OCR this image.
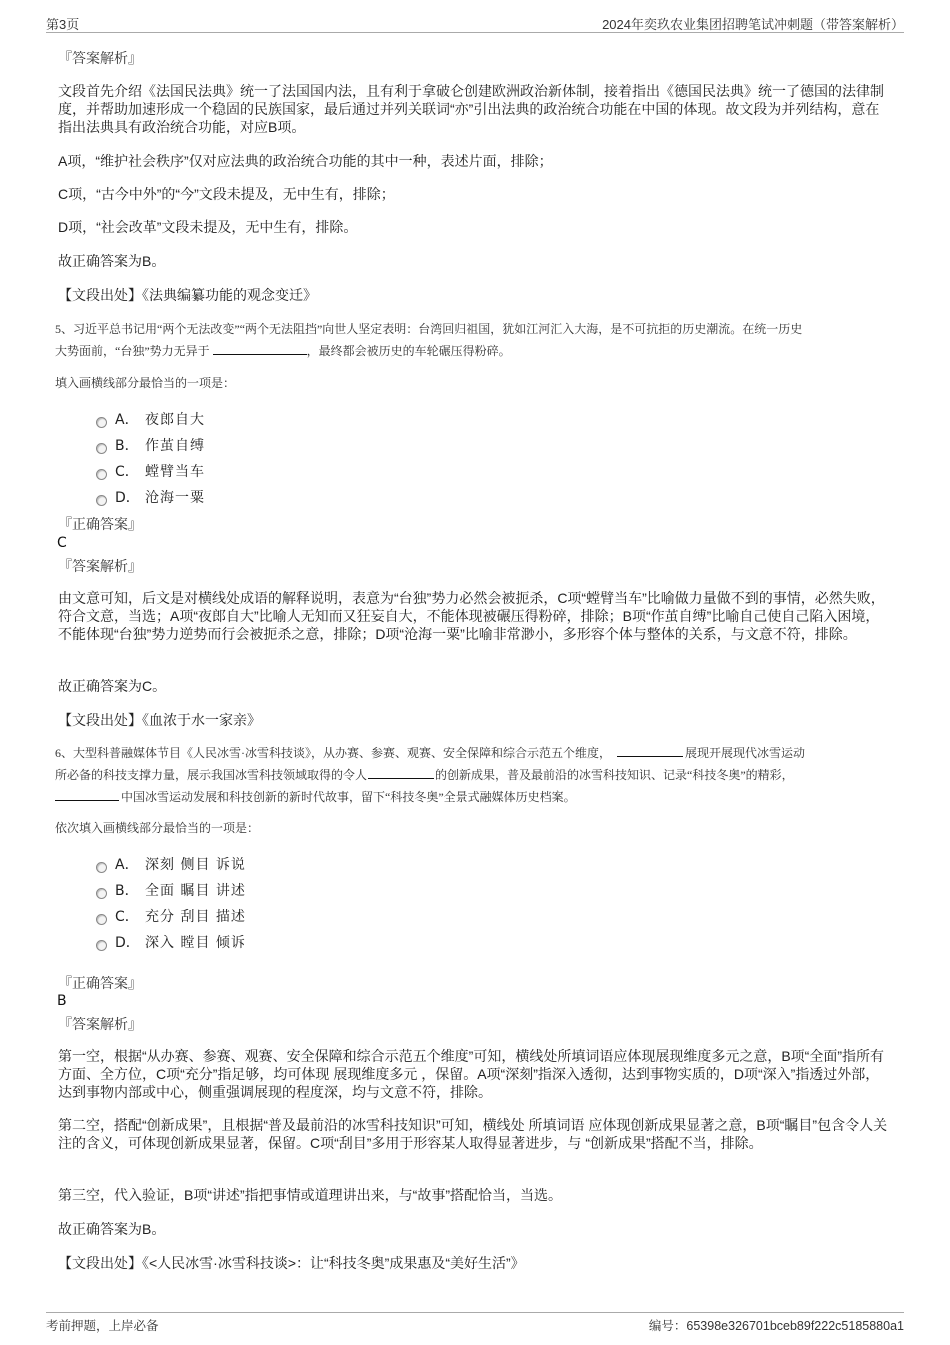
第3页	2024年奕玖农业集团招聘笔试冲刺题（带答案解析）
『答案解析』
文段首先介绍《法国民法典》统一了法国国内法，且有利于拿破仑创建欧洲政治新体制，接着指出《德国民法典》统一了德国的法律制度，并帮助加速形成一个稳固的民族国家，最后通过并列关联词“亦”引出法典的政治统合功能在中国的体现。故文段为并列结构，意在指出法典具有政治统合功能，对应B项。
A项，“维护社会秩序”仅对应法典的政治统合功能的其中一种，表述片面，排除；
C项，“古今中外”的“今”文段未提及，无中生有，排除；
D项，“社会改革”文段未提及，无中生有，排除。
故正确答案为B。
【文段出处】《法典编纂功能的观念变迁》
5、习近平总书记用“两个无法改变”“两个无法阻挡”向世人坚定表明：台湾回归祖国，犹如江河汇入大海，是不可抗拒的历史潮流。在统一历史
大势面前，“台独”势力无异于	，最终都会被历史的车轮碾压得粉碎。
填入画横线部分最恰当的一项是：
A． 夜郎自大
B． 作茧自缚
C． 螳臂当车
D． 沧海一粟
『正确答案』
C
『答案解析』
由文意可知，后文是对横线处成语的解释说明，表意为“台独”势力必然会被扼杀，C项“螳臂当车”比喻做力量做不到的事情，必然失败，符合文意，当选；A项“夜郎自大”比喻人无知而又狂妄自大，不能体现被碾压得粉碎，排除；B项“作茧自缚”比喻自己使自己陷入困境，不能体现“台独”势力逆势而行会被扼杀之意，排除；D项“沧海一粟”比喻非常渺小，多形容个体与整体的关系，与文意不符，排除。
故正确答案为C。
【文段出处】《血浓于水一家亲》
6、大型科普融媒体节目《人民冰雪·冰雪科技谈》，从办赛、参赛、观赛、安全保障和综合示范五个维度，	展现开展现代冰雪运动
所必备的科技支撑力量，展示我国冰雪科技领域取得的令人	的创新成果，普及最前沿的冰雪科技知识、记录“科技冬奥”的精彩，
中国冰雪运动发展和科技创新的新时代故事，留下“科技冬奥”全景式融媒体历史档案。
依次填入画横线部分最恰当的一项是：
A． 深刻 侧目 诉说
B． 全面 瞩目 讲述
C． 充分 刮目 描述
D． 深入 瞠目 倾诉
『正确答案』
B
『答案解析』
第一空，根据“从办赛、参赛、观赛、安全保障和综合示范五个维度”可知，横线处所填词语应体现展现维度多元之意，B项“全面”指所有方面、全方位，C项“充分”指足够，均可体现 展现维度多元 ，保留。A项“深刻”指深入透彻，达到事物实质的，D项“深入”指透过外部，达到事物内部或中心，侧重强调展现的程度深，均与文意不符，排除。
第二空，搭配“创新成果”，且根据“普及最前沿的冰雪科技知识”可知，横线处 所填词语 应体现创新成果显著之意，B项“瞩目”包含令人关注的含义，可体现创新成果显著，保留。C项“刮目”多用于形容某人取得显著进步，与 “创新成果”搭配不当，排除。
第三空，代入验证，B项“讲述”指把事情或道理讲出来，与“故事”搭配恰当，当选。
故正确答案为B。
【文段出处】《<人民冰雪·冰雪科技谈>：让“科技冬奥”成果惠及“美好生活”》
考前押题，上岸必备	编号：65398e326701bceb89f222c5185880a1
